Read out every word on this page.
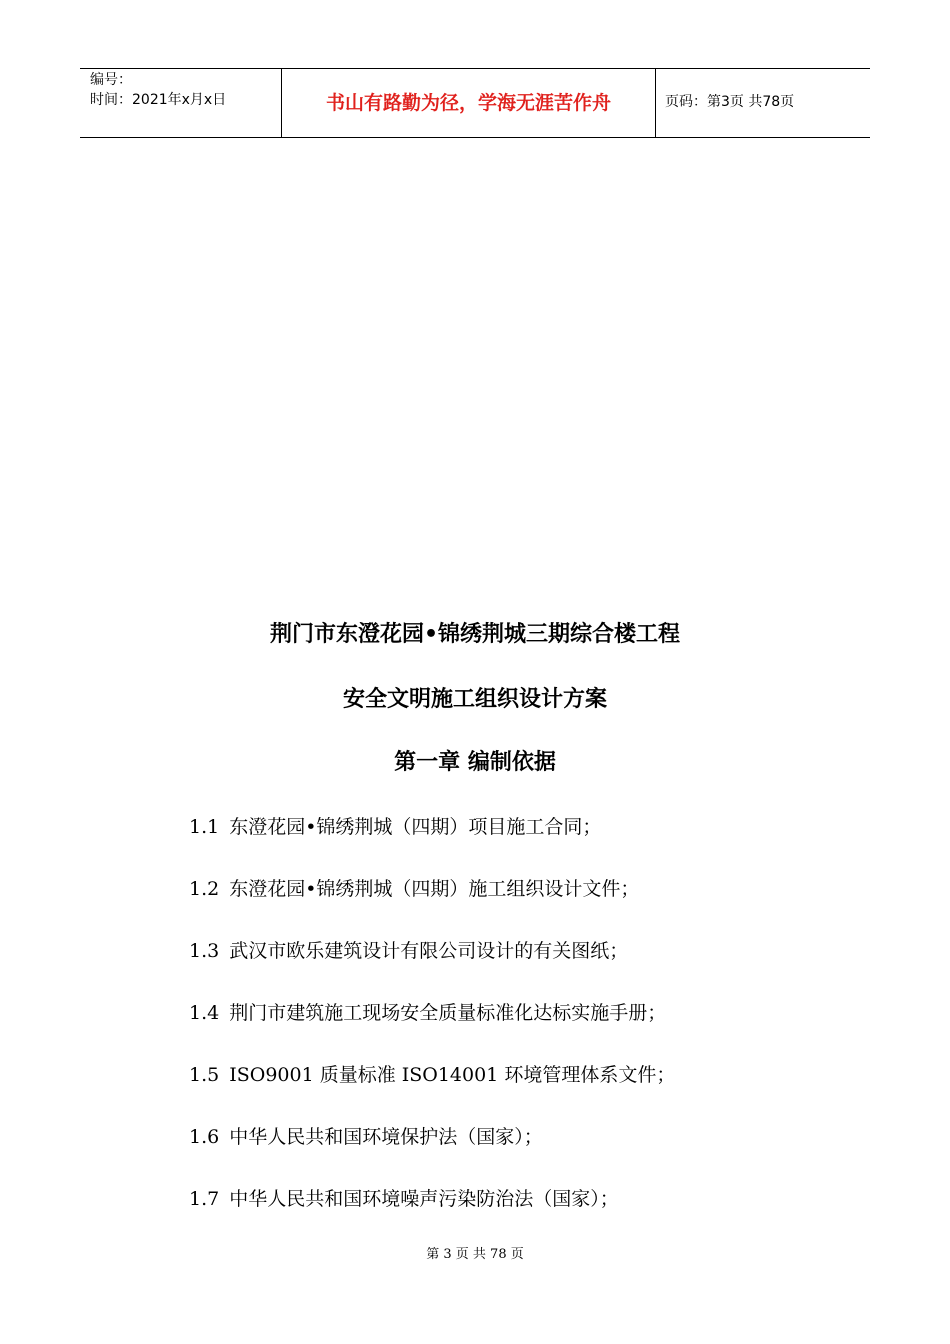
编号：
时间：2021年x月x日	书山有路勤为径，学海无涯苦作舟	页码：第3页 共78页
荆门市东澄花园•锦绣荆城三期综合楼工程
安全文明施工组织设计方案
第一章 编制依据
1.1 东澄花园•锦绣荆城（四期）项目施工合同；
1.2 东澄花园•锦绣荆城（四期）施工组织设计文件；
1.3 武汉市欧乐建筑设计有限公司设计的有关图纸；
1.4 荆门市建筑施工现场安全质量标准化达标实施手册；
1.5 ISO9001 质量标准 ISO14001 环境管理体系文件；
1.6 中华人民共和国环境保护法（国家）；
1.7 中华人民共和国环境噪声污染防治法（国家）；
第 3 页 共 78 页
